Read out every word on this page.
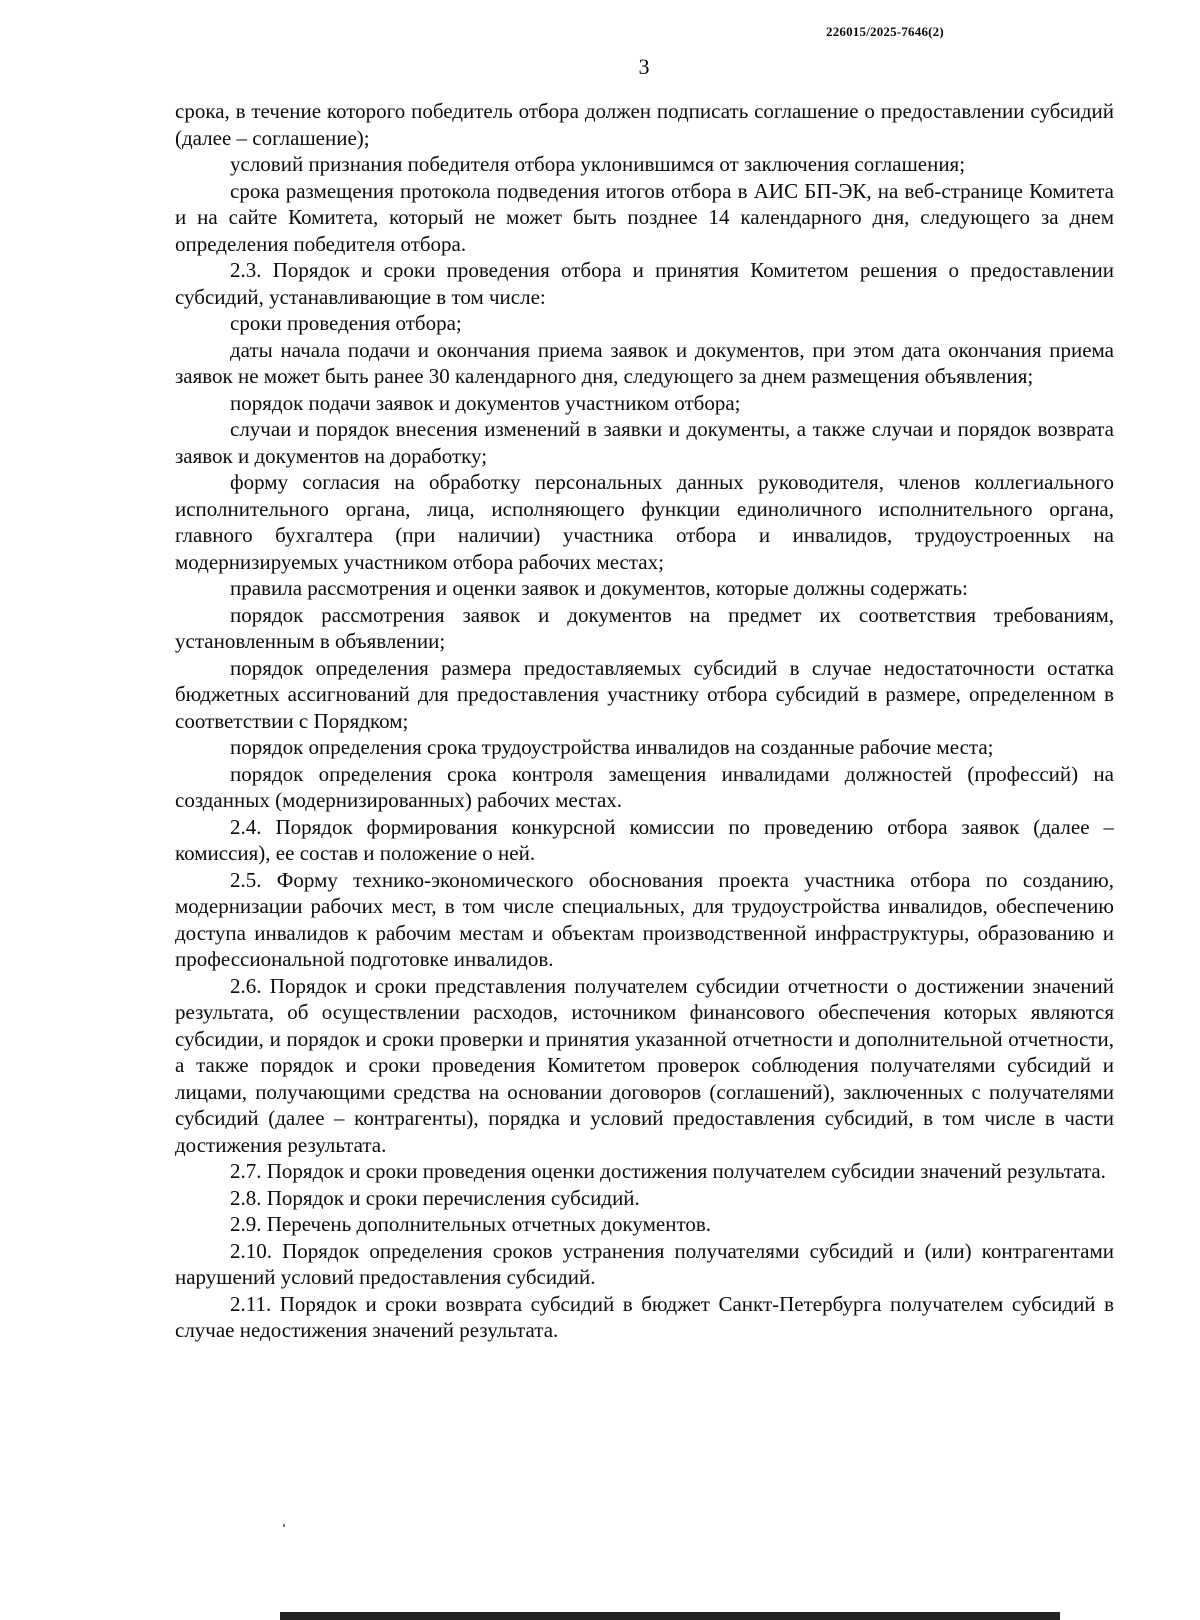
226015/2025-7646(2)
3

срока, в течение которого победитель отбора должен подписать соглашение о предоставлении субсидий (далее – соглашение);

условий признания победителя отбора уклонившимся от заключения соглашения;

срока размещения протокола подведения итогов отбора в АИС БП-ЭК, на веб-странице Комитета и на сайте Комитета, который не может быть позднее 14 календарного дня, следующего за днем определения победителя отбора.

2.3. Порядок и сроки проведения отбора и принятия Комитетом решения о предоставлении субсидий, устанавливающие в том числе:

сроки проведения отбора;

даты начала подачи и окончания приема заявок и документов, при этом дата окончания приема заявок не может быть ранее 30 календарного дня, следующего за днем размещения объявления;

порядок подачи заявок и документов участником отбора;

случаи и порядок внесения изменений в заявки и документы, а также случаи и порядок возврата заявок и документов на доработку;

форму согласия на обработку персональных данных руководителя, членов коллегиального исполнительного органа, лица, исполняющего функции единоличного исполнительного органа, главного бухгалтера (при наличии) участника отбора и инвалидов, трудоустроенных на модернизируемых участником отбора рабочих местах;

правила рассмотрения и оценки заявок и документов, которые должны содержать:

порядок рассмотрения заявок и документов на предмет их соответствия требованиям, установленным в объявлении;

порядок определения размера предоставляемых субсидий в случае недостаточности остатка бюджетных ассигнований для предоставления участнику отбора субсидий в размере, определенном в соответствии с Порядком;

порядок определения срока трудоустройства инвалидов на созданные рабочие места;

порядок определения срока контроля замещения инвалидами должностей (профессий) на созданных (модернизированных) рабочих местах.

2.4. Порядок формирования конкурсной комиссии по проведению отбора заявок (далее – комиссия), ее состав и положение о ней.

2.5. Форму технико-экономического обоснования проекта участника отбора по созданию, модернизации рабочих мест, в том числе специальных, для трудоустройства инвалидов, обеспечению доступа инвалидов к рабочим местам и объектам производственной инфраструктуры, образованию и профессиональной подготовке инвалидов.

2.6. Порядок и сроки представления получателем субсидии отчетности о достижении значений результата, об осуществлении расходов, источником финансового обеспечения которых являются субсидии, и порядок и сроки проверки и принятия указанной отчетности и дополнительной отчетности, а также порядок и сроки проведения Комитетом проверок соблюдения получателями субсидий и лицами, получающими средства на основании договоров (соглашений), заключенных с получателями субсидий (далее – контрагенты), порядка и условий предоставления субсидий, в том числе в части достижения результата.

2.7. Порядок и сроки проведения оценки достижения получателем субсидии значений результата.

2.8. Порядок и сроки перечисления субсидий.

2.9. Перечень дополнительных отчетных документов.

2.10. Порядок определения сроков устранения получателями субсидий и (или) контрагентами нарушений условий предоставления субсидий.

2.11. Порядок и сроки возврата субсидий в бюджет Санкт-Петербурга получателем субсидий в случае недостижения значений результата.
